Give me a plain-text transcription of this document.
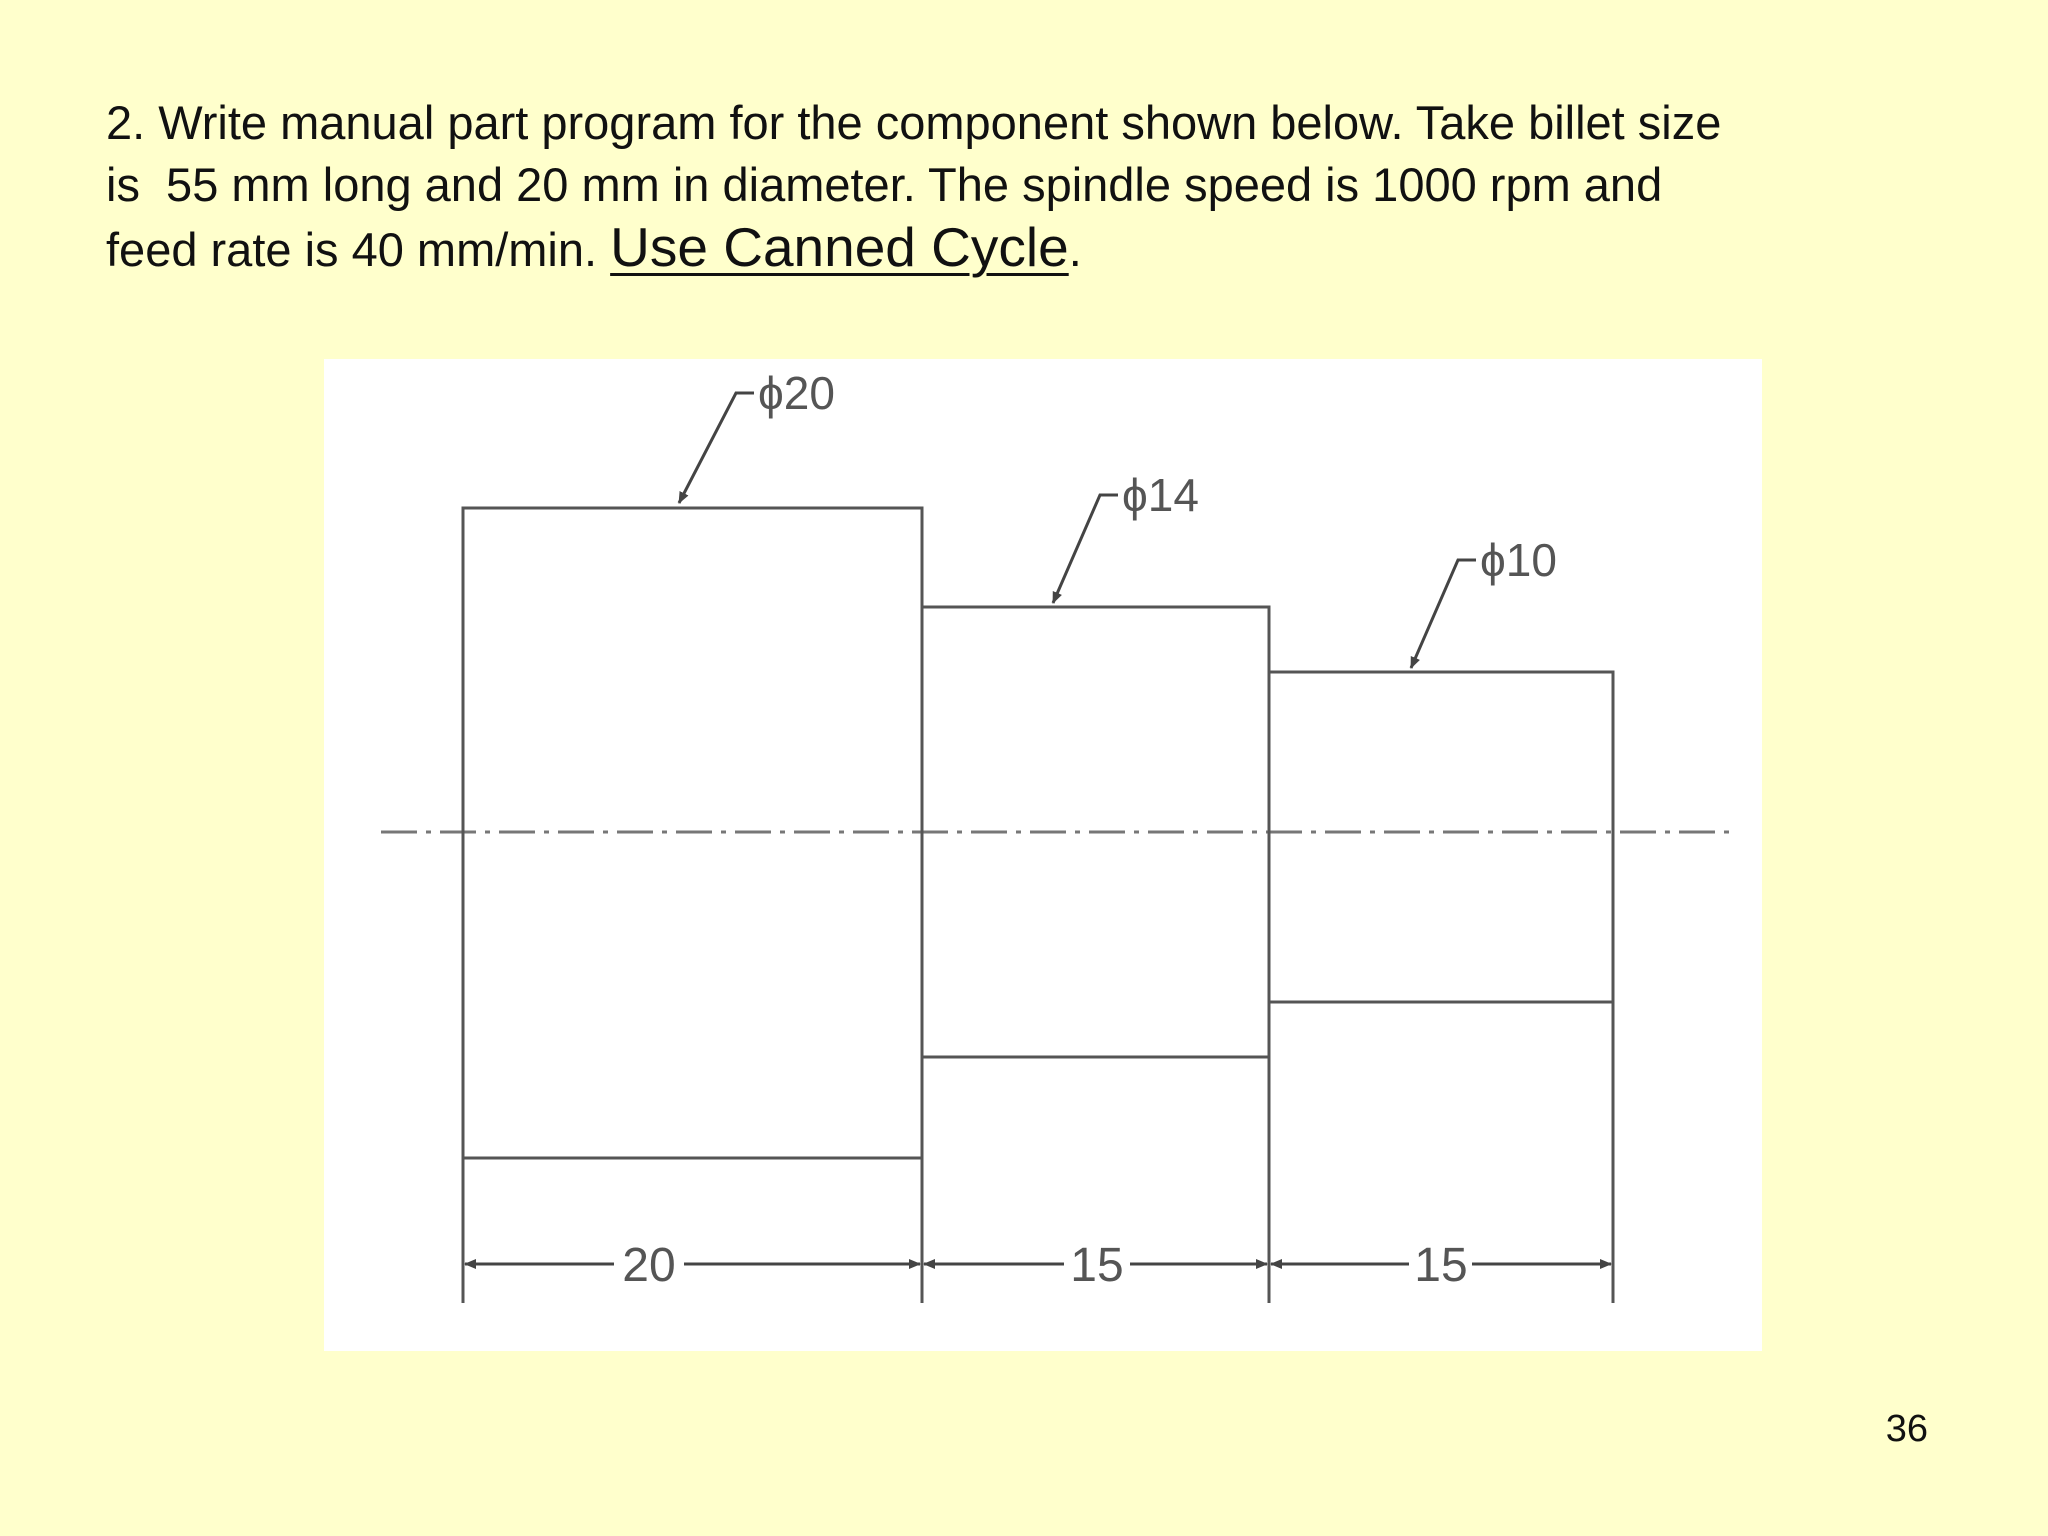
2. Write manual part program for the component shown below. Take billet size
is  55 mm long and 20 mm in diameter. The spindle speed is 1000 rpm and
feed rate is 40 mm/min. Use Canned Cycle.
ϕ20
ϕ14
ϕ10
20	15	15
36
